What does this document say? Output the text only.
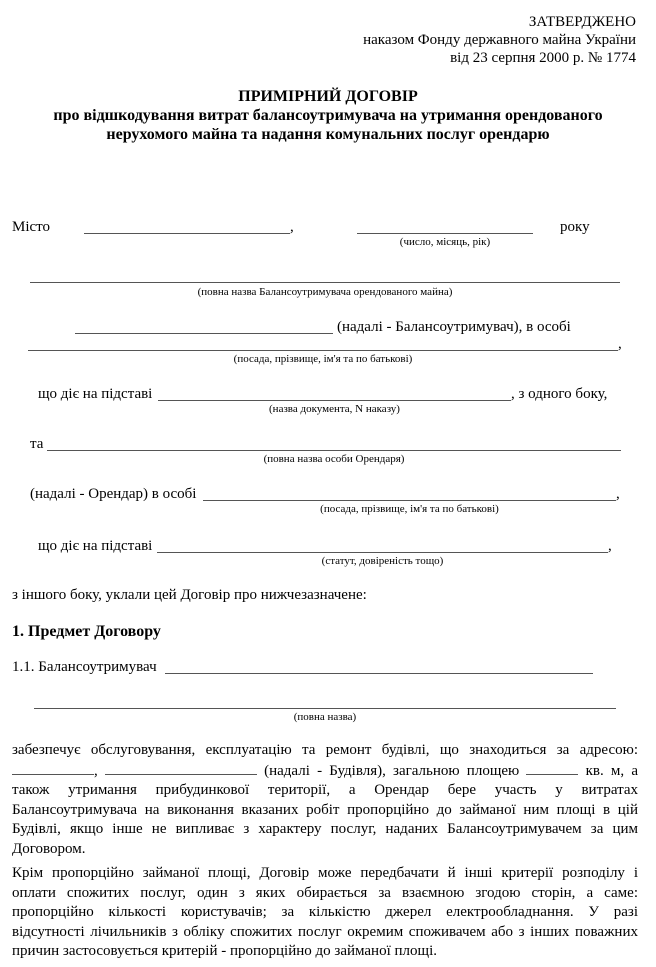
ЗАТВЕРДЖЕНО
наказом Фонду державного майна України
від 23 серпня 2000 р. № 1774
ПРИМІРНИЙ ДОГОВІР
про відшкодування витрат балансоутримувача на утримання орендованого
нерухомого майна та надання комунальних послуг орендарю
Місто	,	року
(число, місяць, рік)
(повна назва Балансоутримувача орендованого майна)
(надалі - Балансоутримувач), в особі
,
(посада, прізвище, ім'я та по батькові)
що діє на підставі	, з одного боку,
(назва документа, N наказу)
та
(повна назва особи Орендаря)
(надалі - Орендар) в особі	,
(посада, прізвище, ім'я та по батькові)
що діє на підставі	,
(статут, довіреність тощо)
з іншого боку, уклали цей Договір про нижчезазначене:
1. Предмет Договору
1.1. Балансоутримувач
(повна назва)
забезпечує обслуговування, експлуатацію та ремонт будівлі, що знаходиться за адресою:
,	(надалі - Будівля), загальною площею	кв. м, а
також утримання прибудинкової території, а Орендар бере участь у витратах
Балансоутримувача на виконання вказаних робіт пропорційно до займаної ним площі в цій
Будівлі, якщо інше не випливає з характеру послуг, наданих Балансоутримувачем за цим
Договором.
Крім пропорційно займаної площі, Договір може передбачати й інші критерії розподілу і
оплати спожитих послуг, один з яких обирається за взаємною згодою сторін, а саме:
пропорційно кількості користувачів; за кількістю джерел електрообладнання. У разі
відсутності лічильників з обліку спожитих послуг окремим споживачем або з інших поважних
причин застосовується критерій - пропорційно до займаної площі.
